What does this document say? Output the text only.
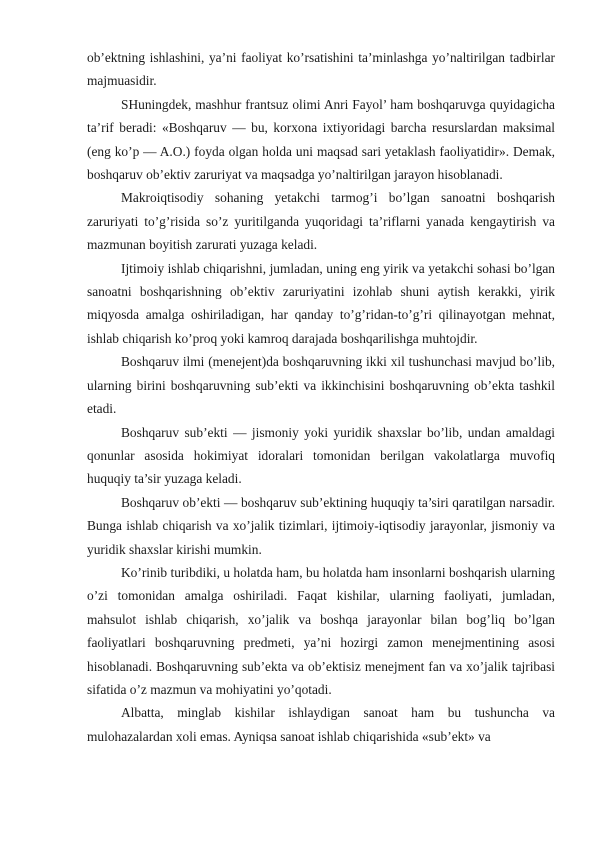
ob’ektning ishlashini, ya’ni faoliyat ko’rsatishini ta’minlashga yo’naltirilgan tadbirlar majmuasidir.

SHuningdek, mashhur frantsuz olimi Anri Fayol’ ham boshqaruvga quyidagicha ta’rif beradi: «Boshqaruv — bu, korxona ixtiyoridagi barcha resurslardan maksimal (eng ko’p — A.O.) foyda olgan holda uni maqsad sari yetaklash faoliyatidir». Demak, boshqaruv ob’ektiv zaruriyat va maqsadga yo’naltirilgan jarayon hisoblanadi.

Makroiqtisodiy sohaning yetakchi tarmog’i bo’lgan sanoatni boshqarish zaruriyati to’g’risida so’z yuritilganda yuqoridagi ta’riflarni yanada kengaytirish va mazmunan boyitish zarurati yuzaga keladi.

Ijtimoiy ishlab chiqarishni, jumladan, uning eng yirik va yetakchi sohasi bo’lgan sanoatni boshqarishning ob’ektiv zaruriyatini izohlab shuni aytish kerakki, yirik miqyosda amalga oshiriladigan, har qanday to’g’ridan-to’g’ri qilinayotgan mehnat, ishlab chiqarish ko’proq yoki kamroq darajada boshqarilishga muhtojdir.

Boshqaruv ilmi (menejent)da boshqaruvning ikki xil tushunchasi mavjud bo’lib, ularning birini boshqaruvning sub’ekti va ikkinchisini boshqaruvning ob’ekta tashkil etadi.

Boshqaruv sub’ekti — jismoniy yoki yuridik shaxslar bo’lib, undan amaldagi qonunlar asosida hokimiyat idoralari tomonidan berilgan vakolatlarga muvofiq huquqiy ta’sir yuzaga keladi.

Boshqaruv ob’ekti — boshqaruv sub’ektining huquqiy ta’siri qaratilgan narsadir. Bunga ishlab chiqarish va xo’jalik tizimlari, ijtimoiy-iqtisodiy jarayonlar, jismoniy va yuridik shaxslar kirishi mumkin.

Ko’rinib turibdiki, u holatda ham, bu holatda ham insonlarni boshqarish ularning o’zi tomonidan amalga oshiriladi. Faqat kishilar, ularning faoliyati, jumladan, mahsulot ishlab chiqarish, xo’jalik va boshqa jarayonlar bilan bog’liq bo’lgan faoliyatlari boshqaruvning predmeti, ya’ni hozirgi zamon menejmentining asosi hisoblanadi. Boshqaruvning sub’ekta va ob’ektisiz menejment fan va xo’jalik tajribasi sifatida o’z mazmun va mohiyatini yo’qotadi.

Albatta, minglab kishilar ishlaydigan sanoat ham bu tushuncha va mulohazalardan xoli emas. Ayniqsa sanoat ishlab chiqarishida «sub’ekt» va
